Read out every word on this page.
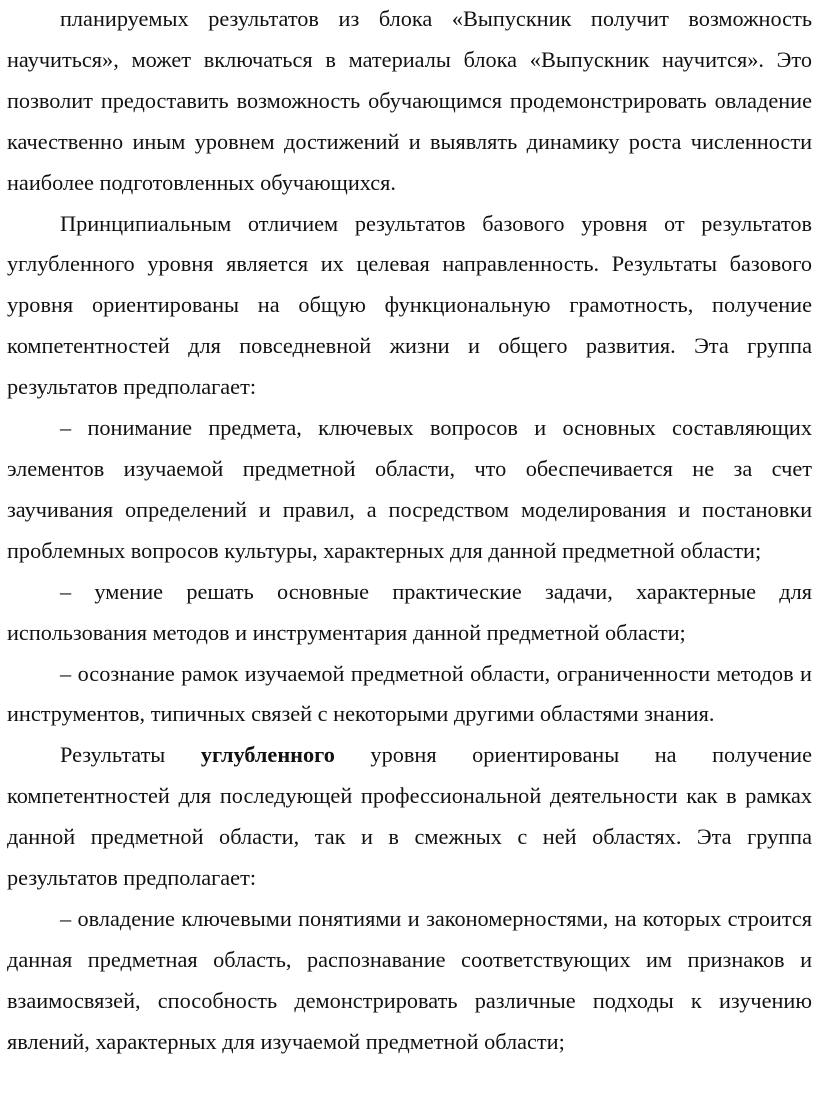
планируемых результатов из блока «Выпускник получит возможность научиться», может включаться в материалы блока «Выпускник научится». Это позволит предоставить возможность обучающимся продемонстрировать овладение качественно иным уровнем достижений и выявлять динамику роста численности наиболее подготовленных обучающихся.

Принципиальным отличием результатов базового уровня от результатов углубленного уровня является их целевая направленность. Результаты базового уровня ориентированы на общую функциональную грамотность, получение компетентностей для повседневной жизни и общего развития. Эта группа результатов предполагает:

– понимание предмета, ключевых вопросов и основных составляющих элементов изучаемой предметной области, что обеспечивается не за счет заучивания определений и правил, а посредством моделирования и постановки проблемных вопросов культуры, характерных для данной предметной области;

– умение решать основные практические задачи, характерные для использования методов и инструментария данной предметной области;

– осознание рамок изучаемой предметной области, ограниченности методов и инструментов, типичных связей с некоторыми другими областями знания.

Результаты углубленного уровня ориентированы на получение компетентностей для последующей профессиональной деятельности как в рамках данной предметной области, так и в смежных с ней областях. Эта группа результатов предполагает:

– овладение ключевыми понятиями и закономерностями, на которых строится данная предметная область, распознавание соответствующих им признаков и взаимосвязей, способность демонстрировать различные подходы к изучению явлений, характерных для изучаемой предметной области;
